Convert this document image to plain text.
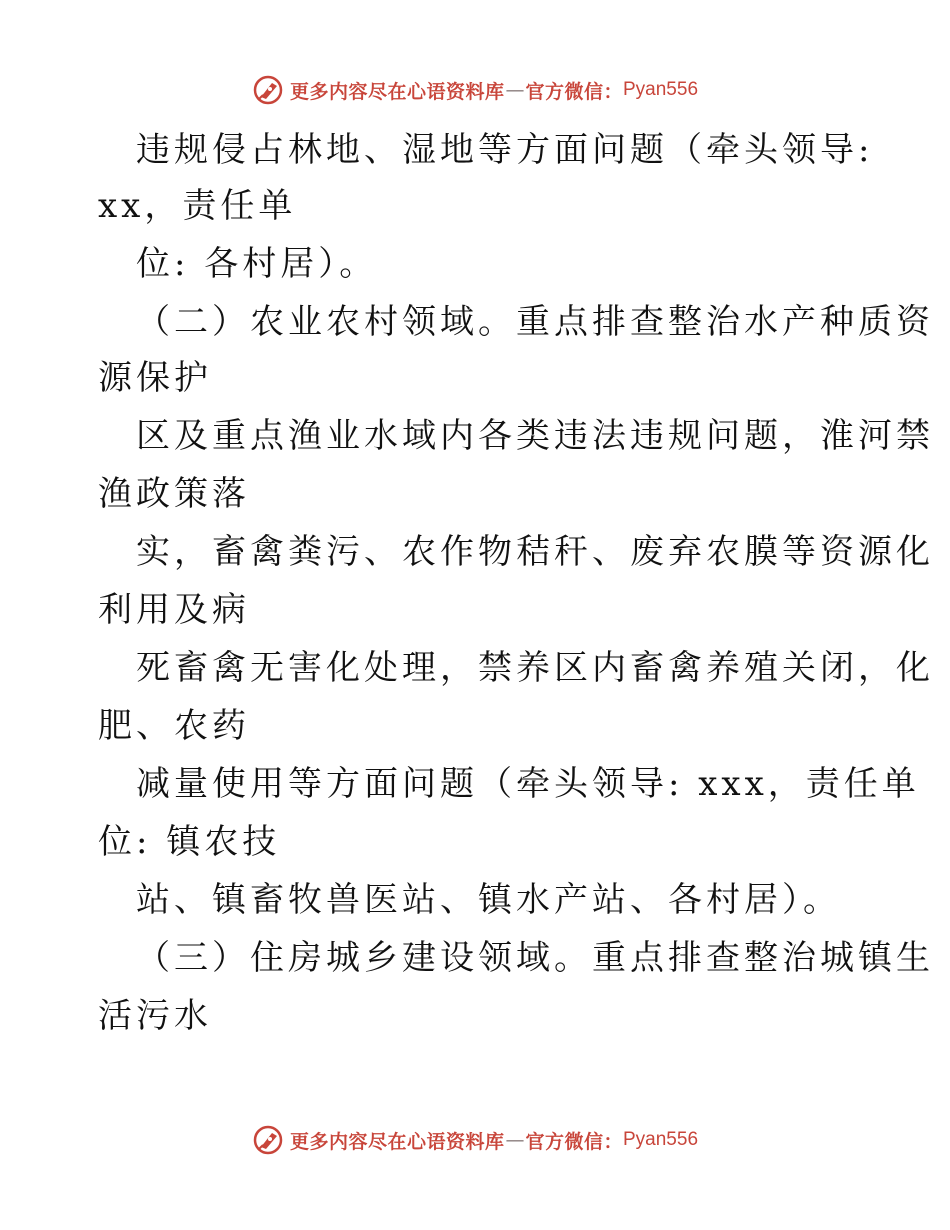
更多内容尽在心语资料库 — 官方微信： Pyan556
违规侵占林地、湿地等方面问题（牵头领导:
xx，责任单
位: 各村居）。
（二）农业农村领域。重点排查整治水产种质资
源保护
区及重点渔业水域内各类违法违规问题，淮河禁
渔政策落
实，畜禽粪污、农作物秸秆、废弃农膜等资源化
利用及病
死畜禽无害化处理，禁养区内畜禽养殖关闭，化
肥、农药
减量使用等方面问题（牵头领导: xxx，责任单
位: 镇农技
站、镇畜牧兽医站、镇水产站、各村居）。
（三）住房城乡建设领域。重点排查整治城镇生
活污水
更多内容尽在心语资料库 — 官方微信： Pyan556
